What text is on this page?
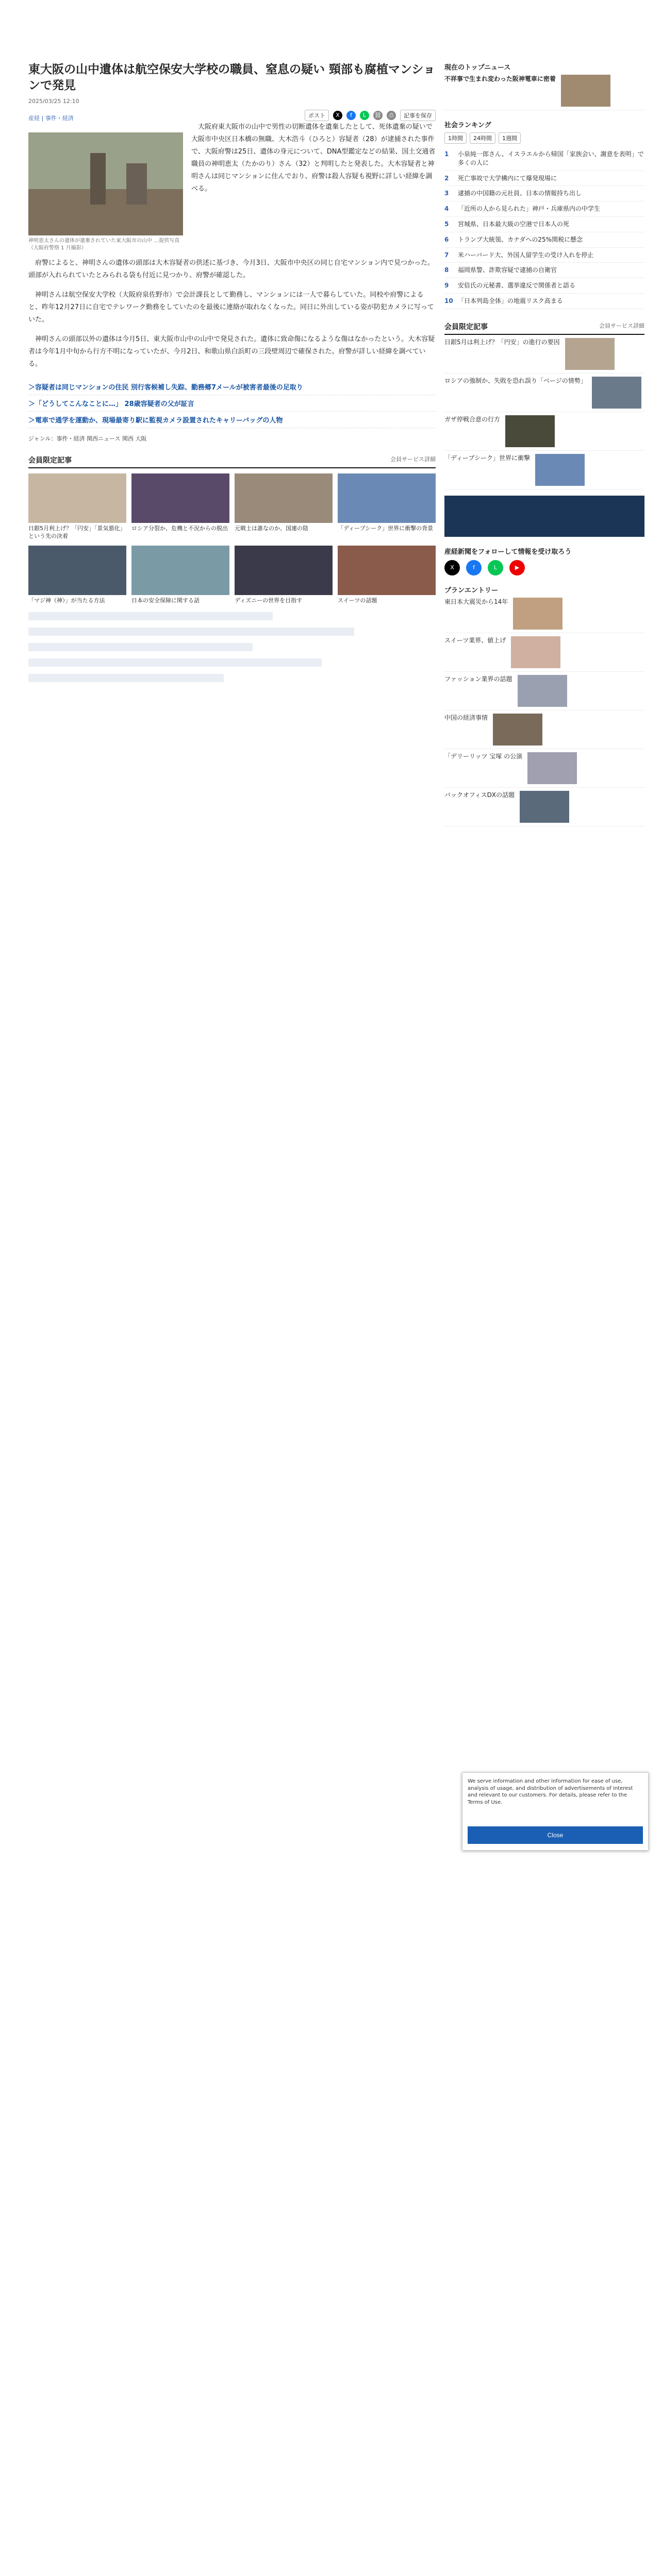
東大阪の山中遺体は航空保安大学校の職員、窒息の疑い 頸部も腐植マンションで発見
2025/03/25 12:10
産経 | 事件・経済	ポスト	X	f	L	⛓	⎙	記事を保存
神明恵太さんの遺体が遺棄されていた東大阪市の山中 …提供写真（大阪府警察 1 月撮影）

大阪府東大阪市の山中で男性の切断遺体を遺棄したとして、死体遺棄の疑いで大阪市中央区日本橋の無職、大木浩斗（ひろと）容疑者（28）が逮捕された事件で、大阪府警は25日、遺体の身元について、DNA型鑑定などの結果、国土交通省職員の神明恵太（たかのり）さん（32）と判明したと発表した。大木容疑者と神明さんは同じマンションに住んでおり、府警は殺人容疑も視野に詳しい経緯を調べる。

府警によると、神明さんの遺体の頭部は大木容疑者の供述に基づき、今月3日、大阪市中央区の同じ自宅マンション内で見つかった。頭部が入れられていたとみられる袋も付近に見つかり、府警が確認した。

神明さんは航空保安大学校（大阪府泉佐野市）で会計課長として勤務し、マンションには一人で暮らしていた。同校や府警によると、昨年12月27日に自宅でテレワーク勤務をしていたのを最後に連絡が取れなくなった。同日に外出している姿が防犯カメラに写っていた。

神明さんの頭部以外の遺体は今月5日、東大阪市山中の山中で発見された。遺体に致命傷になるような傷はなかったという。大木容疑者は今年1月中旬から行方不明になっていたが、今月2日、和歌山県白浜町の三段壁周辺で確保された。府警が詳しい経緯を調べている。

＞容疑者は同じマンションの住民 別行客候補し失踪、勤務郷7メールが被害者最後の足取り
＞「どうしてこんなことに…」 28歳容疑者の父が証言
＞電車で通学を運動か、現場最寄り駅に監視カメラ設置されたキャリーバッグの人物
ジャンル：事件・経済 関西ニュース 関西 大阪
会員限定記事	会員サービス詳細
日銀5月利上げ？「円安」「景気悪化」という先の決着
ロシア分裂か、危機と不況からの脱出 元戦士は誰なのか、国連の陰	「ディープシーク」世界に衝撃の背景
「マジ神（神）」が当たる方法	日本の安全保障に関する話	ディズニーの世界を目指す	スイーツの話題
現在のトップニュース
不祥事で生まれ変わった阪神電車に密着
社会ランキング
1時間	24時間	1週間
1	小泉純一郎さん、イスラエルから帰国「家族会い、謝意を表明」で多くの人に
2	死亡事故で大学構内にて爆発現場に
3	逮捕の中国籍の元社員、日本の情報持ち出し
4	「近所の人から見られた」神戸・兵庫県内の中学生
5	宮城県、日本最大級の空港で日本人の死
6	トランプ大統領、カナダへの25%関税に懸念
7	米ハーバード大、外国人留学生の受け入れを停止
8	福岡県警、詐欺容疑で逮捕の自衛官
9	安倍氏の元秘書、選挙違反で関係者と語る
10 「日本列島全体」の地震リスク高まる
会員限定記事	会員サービス詳細
日銀5月は利上げ？「円安」の進行の要因
ロシアの強制か、失敗を恐れ誤り「ベージの情勢」
ガザ停戦合意の行方
「ディープシーク」世界に衝撃
産経新聞をフォローして情報を受け取ろう
X	f	L	▶
プランエントリー
東日本大震災から14年
スイーツ業界、値上げ
ファッション業界の話題
中国の経済事情
「デリーリッツ 宝塚 の公演
バックオフィスDXの話題

We serve information and other information for ease of use, analysis of usage, and distribution of advertisements of interest and relevant to our customers. For details, please refer to the Terms of Use.

Close
